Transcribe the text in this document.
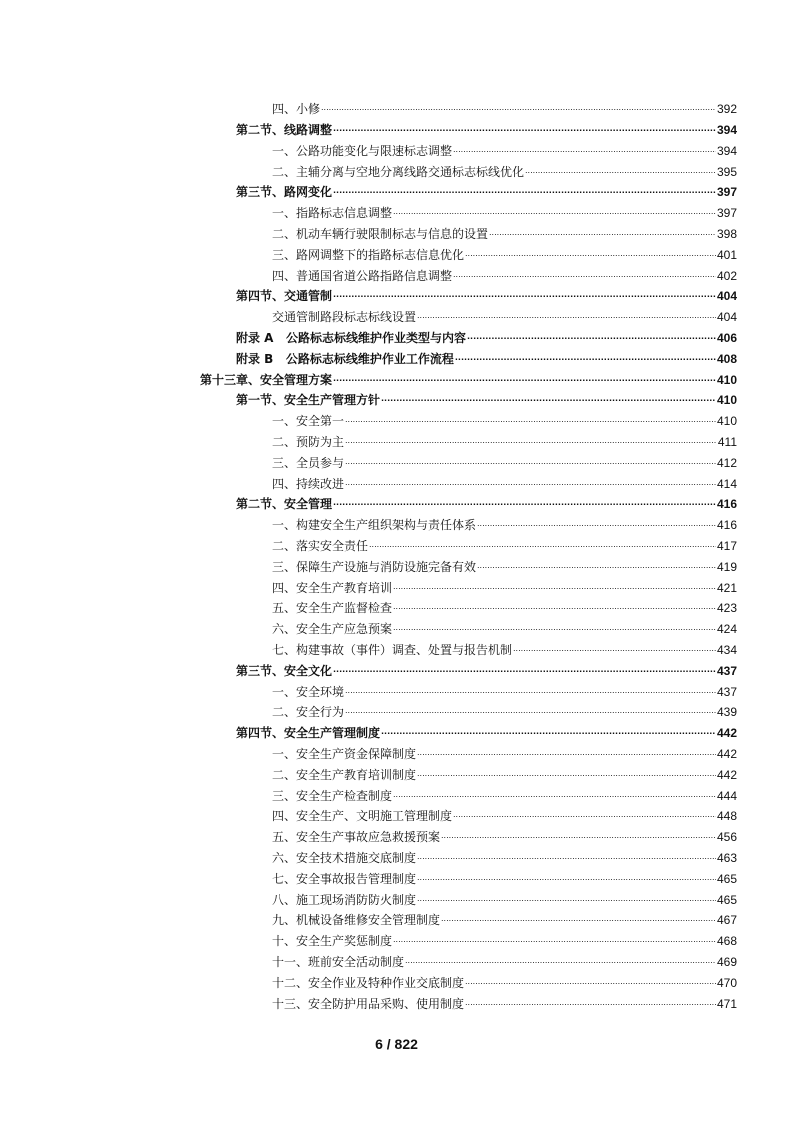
四、小修 .....	392
第二节、线路调整 .....	394
一、公路功能变化与限速标志调整 .....	394
二、主辅分离与空地分离线路交通标志标线优化 .....	395
第三节、路网变化 .....	397
一、指路标志信息调整 .....	397
二、机动车辆行驶限制标志与信息的设置 .....	398
三、路网调整下的指路标志信息优化 .....	401
四、普通国省道公路指路信息调整 .....	402
第四节、交通管制 .....	404
交通管制路段标志标线设置 .....	404
附录 A   公路标志标线维护作业类型与内容 .....	406
附录 B   公路标志标线维护作业工作流程 .....	408
第十三章、安全管理方案 .....	410
第一节、安全生产管理方针 .....	410
一、安全第一 .....	410
二、预防为主 .....	411
三、全员参与 .....	412
四、持续改进 .....	414
第二节、安全管理 .....	416
一、构建安全生产组织架构与责任体系 .....	416
二、落实安全责任 .....	417
三、保障生产设施与消防设施完备有效 .....	419
四、安全生产教育培训 .....	421
五、安全生产监督检查 .....	423
六、安全生产应急预案 .....	424
七、构建事故（事件）调查、处置与报告机制 .....	434
第三节、安全文化 .....	437
一、安全环境 .....	437
二、安全行为 .....	439
第四节、安全生产管理制度 .....	442
一、安全生产资金保障制度 .....	442
二、安全生产教育培训制度 .....	442
三、安全生产检查制度 .....	444
四、安全生产、文明施工管理制度 .....	448
五、安全生产事故应急救援预案 .....	456
六、安全技术措施交底制度 .....	463
七、安全事故报告管理制度 .....	465
八、施工现场消防防火制度 .....	465
九、机械设备维修安全管理制度 .....	467
十、安全生产奖惩制度 .....	468
十一、班前安全活动制度 .....	469
十二、安全作业及特种作业交底制度 .....	470
十三、安全防护用品采购、使用制度 .....	471
6 / 822
